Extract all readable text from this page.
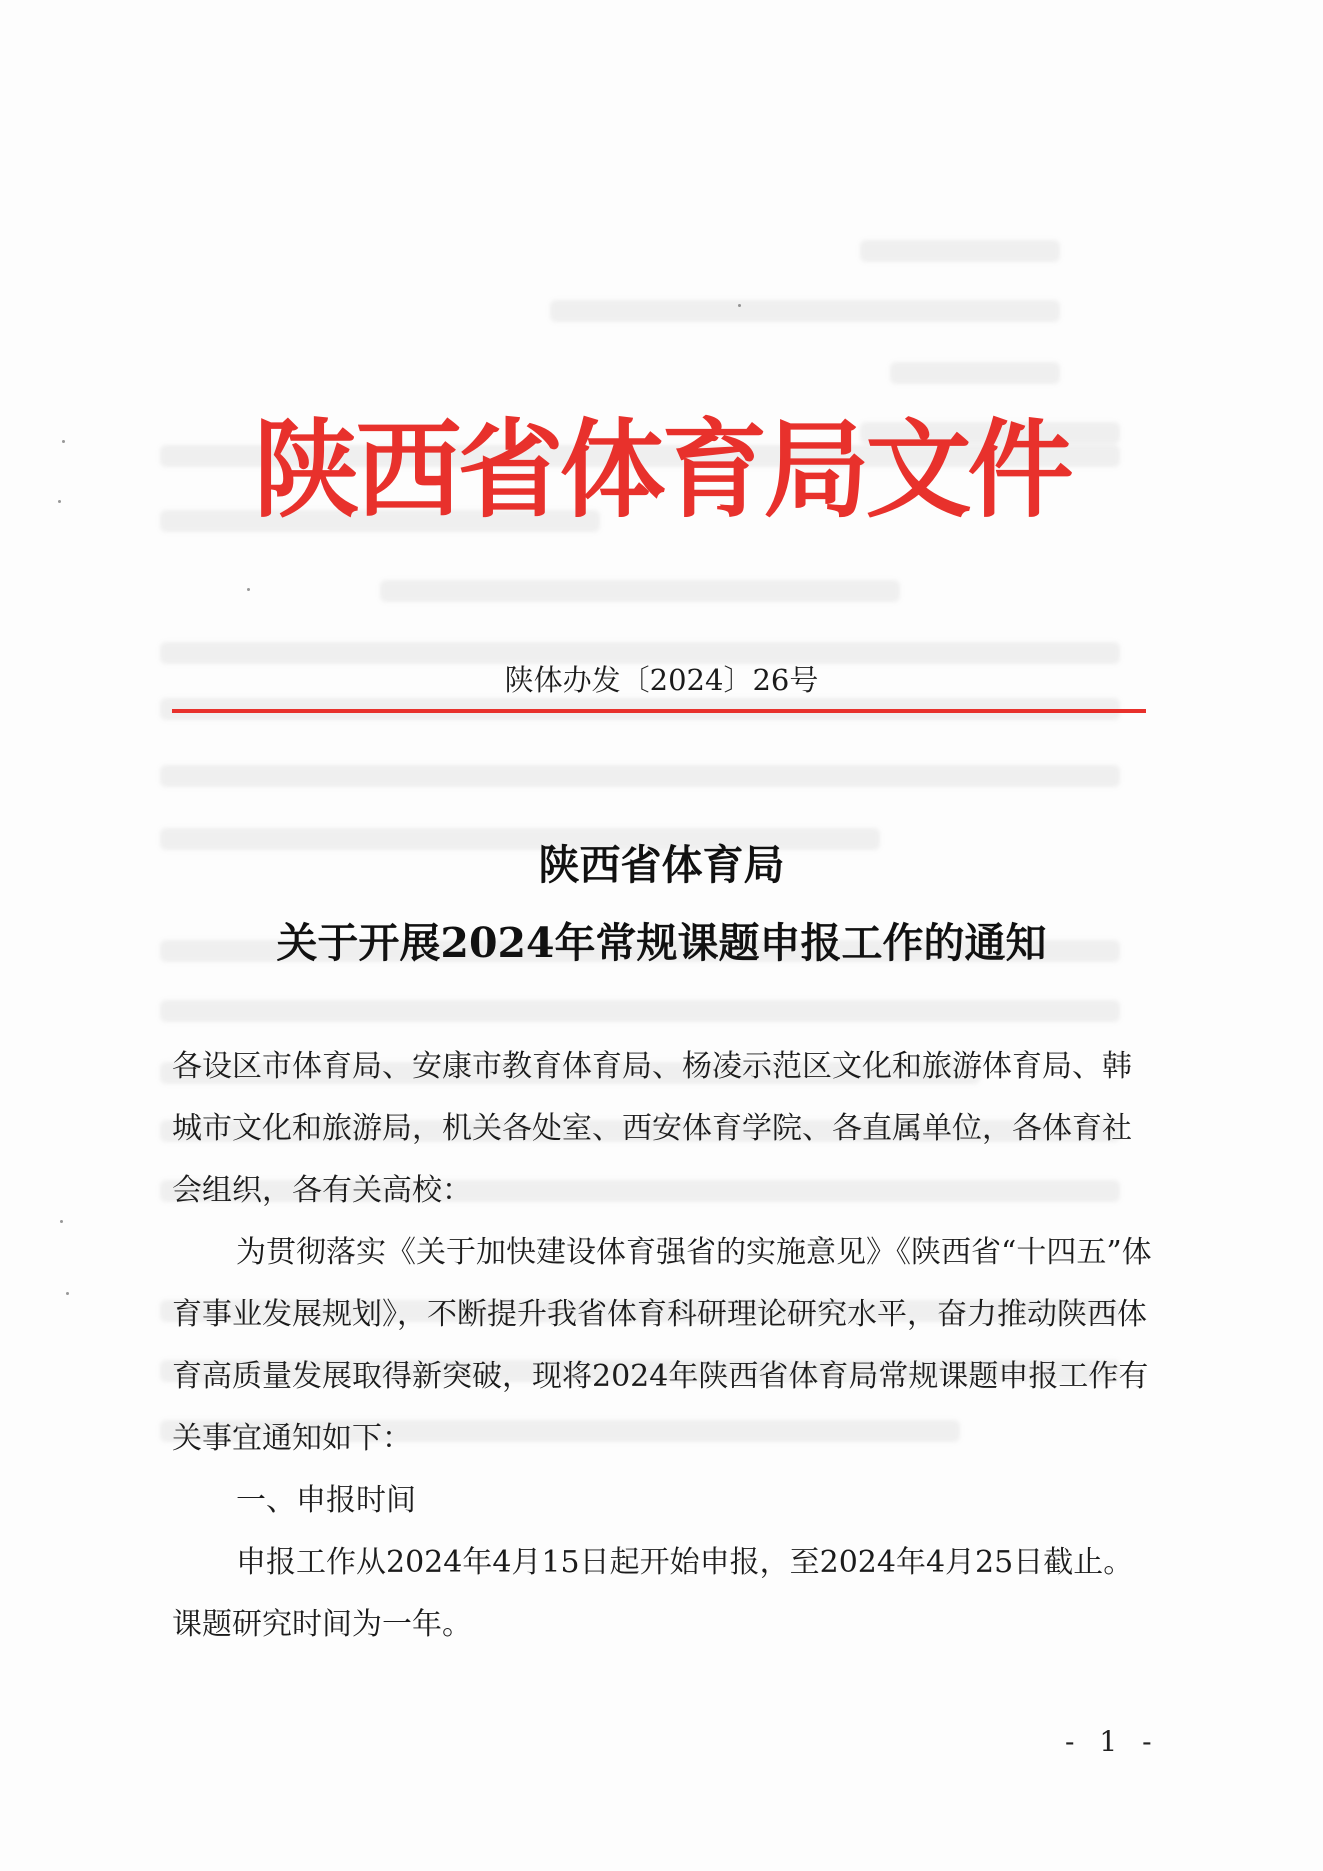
陕西省体育局文件
陕体办发〔2024〕26号
陕西省体育局
关于开展2024年常规课题申报工作的通知

各设区市体育局、安康市教育体育局、杨凌示范区文化和旅游体育局、韩城市文化和旅游局，机关各处室、西安体育学院、各直属单位，各体育社会组织，各有关高校：

为贯彻落实《关于加快建设体育强省的实施意见》《陕西省“十四五”体育事业发展规划》，不断提升我省体育科研理论研究水平，奋力推动陕西体育高质量发展取得新突破，现将2024年陕西省体育局常规课题申报工作有关事宜通知如下：

一、申报时间

申报工作从2024年4月15日起开始申报，至2024年4月25日截止。课题研究时间为一年。

- 1 -
